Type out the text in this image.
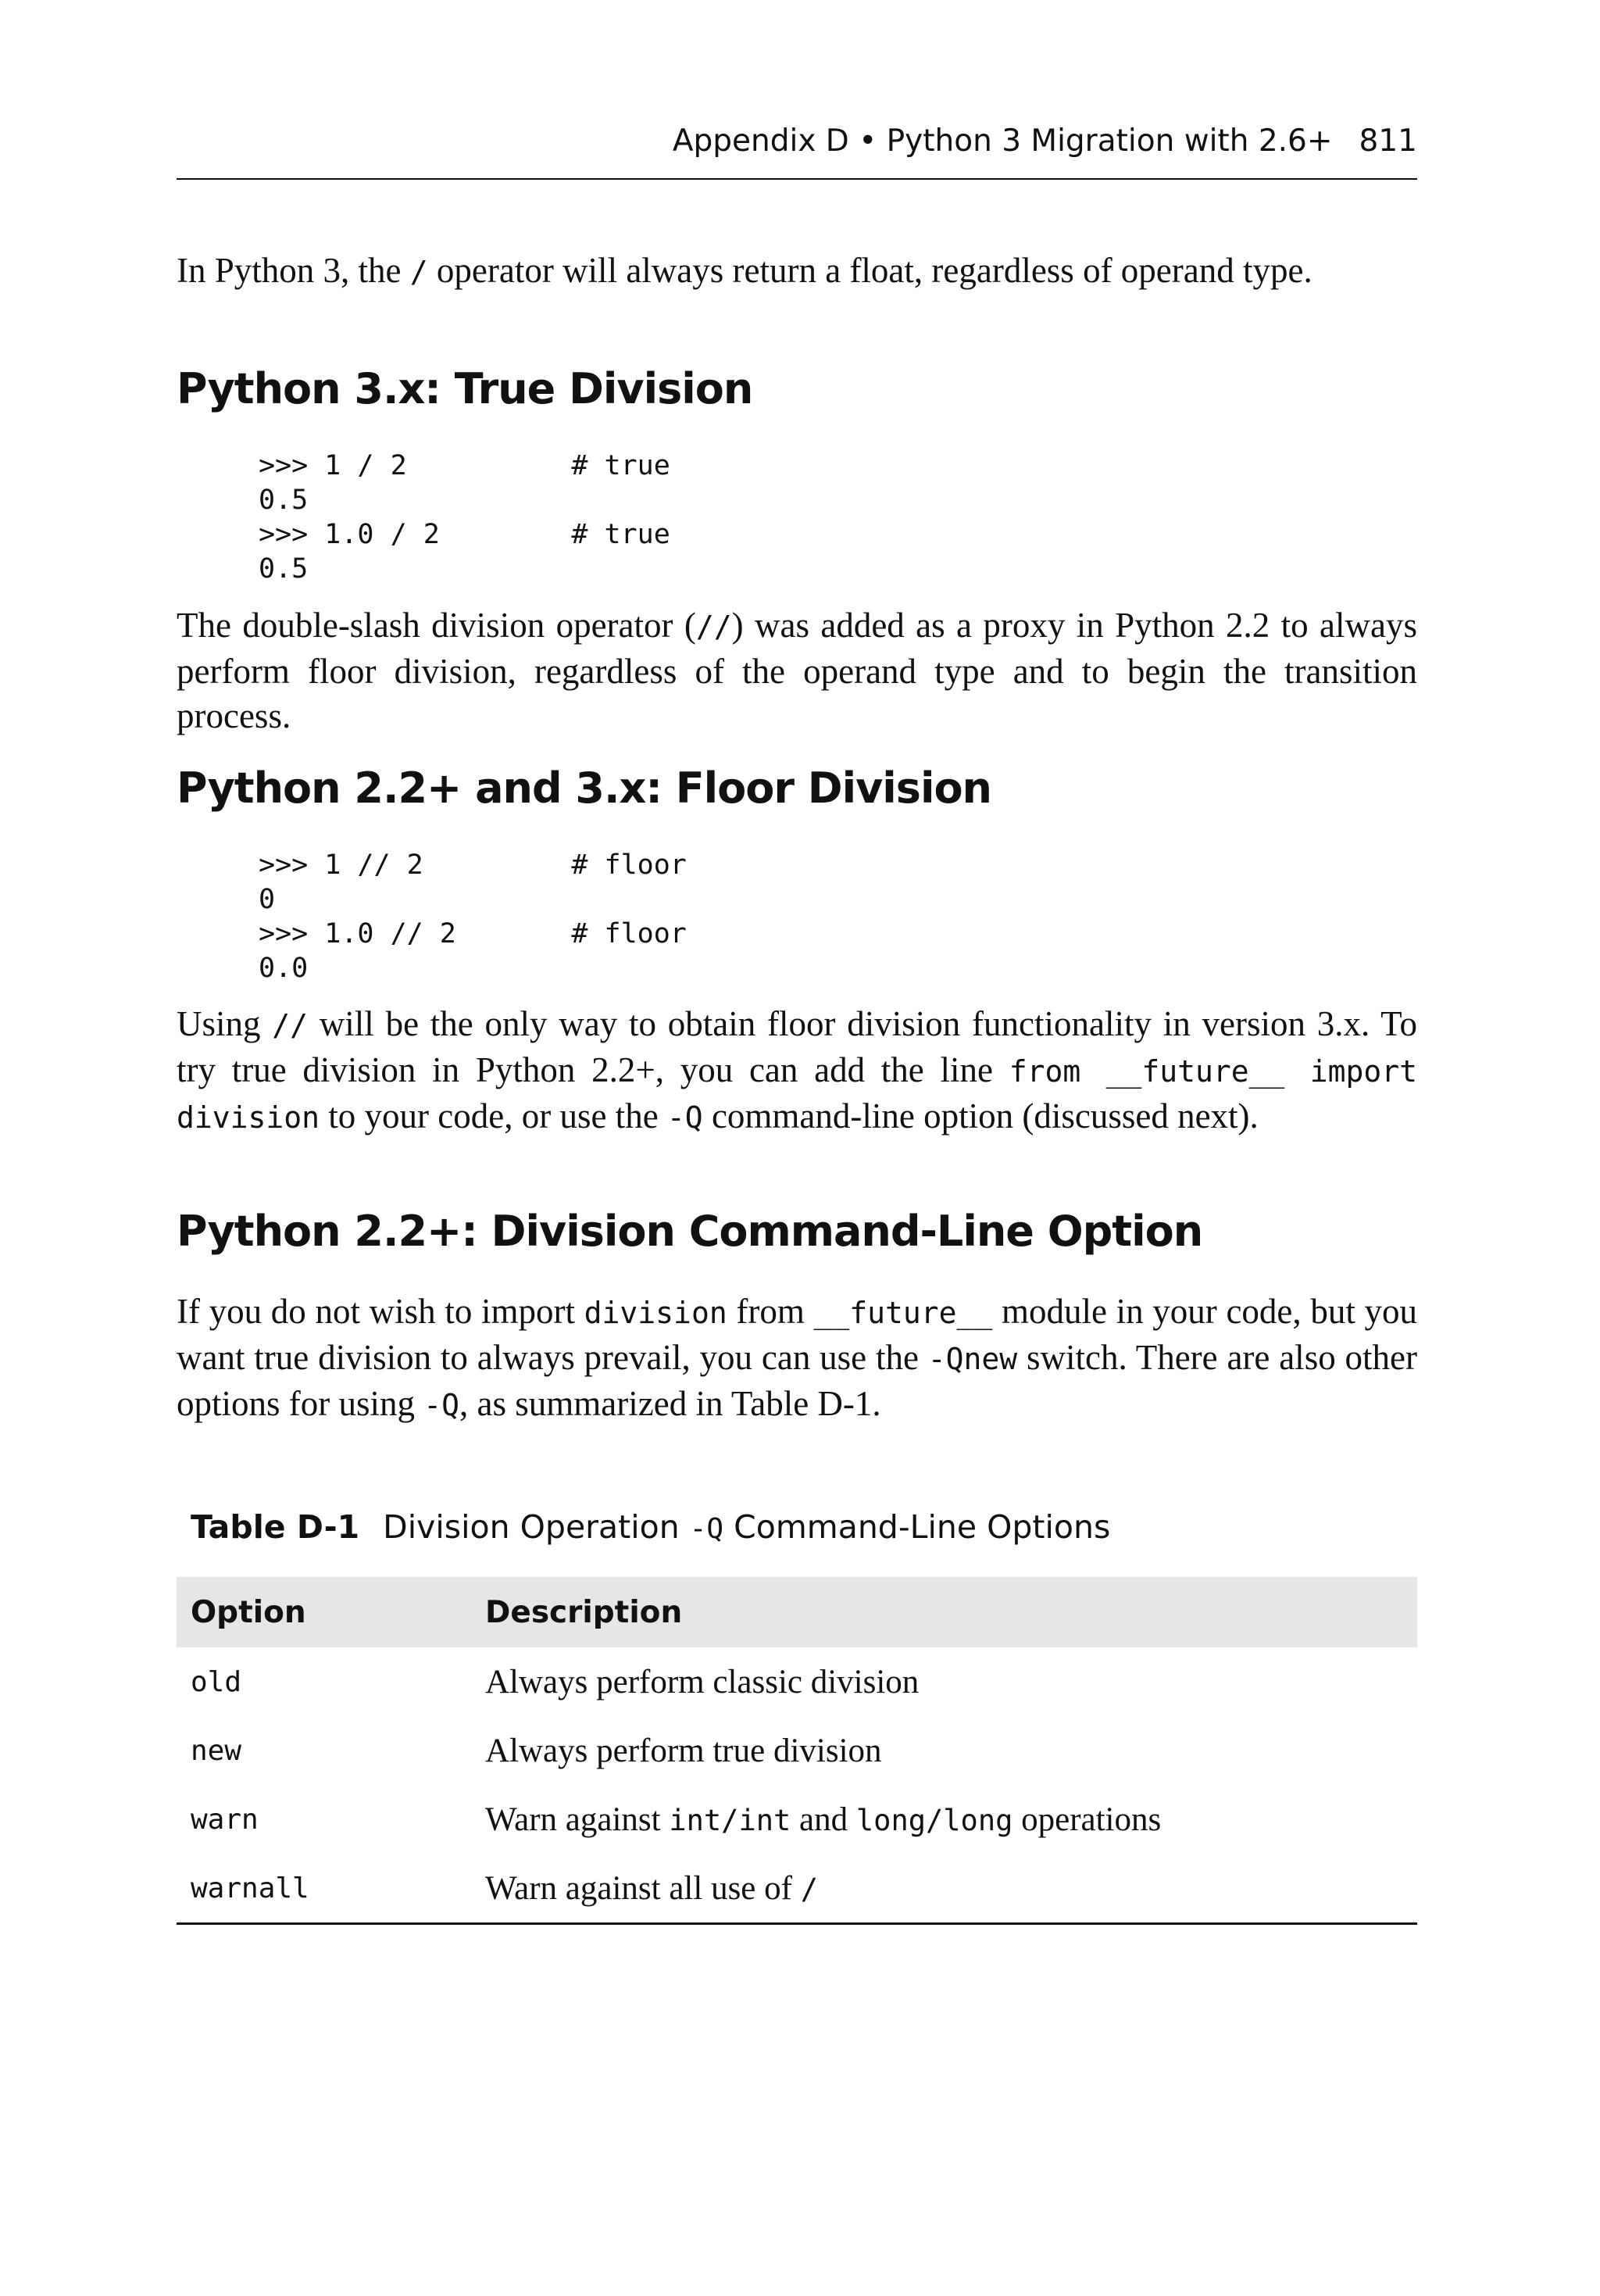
Appendix D • Python 3 Migration with 2.6+ 811

In Python 3, the / operator will always return a float, regardless of operand type.

Python 3.x: True Division
>>> 1 / 2          # true
0.5
>>> 1.0 / 2        # true
0.5

The double-slash division operator (//) was added as a proxy in Python 2.2 to always perform floor division, regardless of the operand type and to begin the transition process.

Python 2.2+ and 3.x: Floor Division
>>> 1 // 2         # floor
0
>>> 1.0 // 2       # floor
0.0

Using // will be the only way to obtain floor division functionality in version 3.x. To try true division in Python 2.2+, you can add the line from __future__ import division to your code, or use the -Q command-line option (discussed next).

Python 2.2+: Division Command-Line Option

If you do not wish to import division from __future__ module in your code, but you want true division to always prevail, you can use the -Qnew switch. There are also other options for using -Q, as summarized in Table D-1.

Table D-1 Division Operation -Q Command-Line Options
Option	Description
old	Always perform classic division
new	Always perform true division
warn	Warn against int/int and long/long operations
warnall	Warn against all use of /
